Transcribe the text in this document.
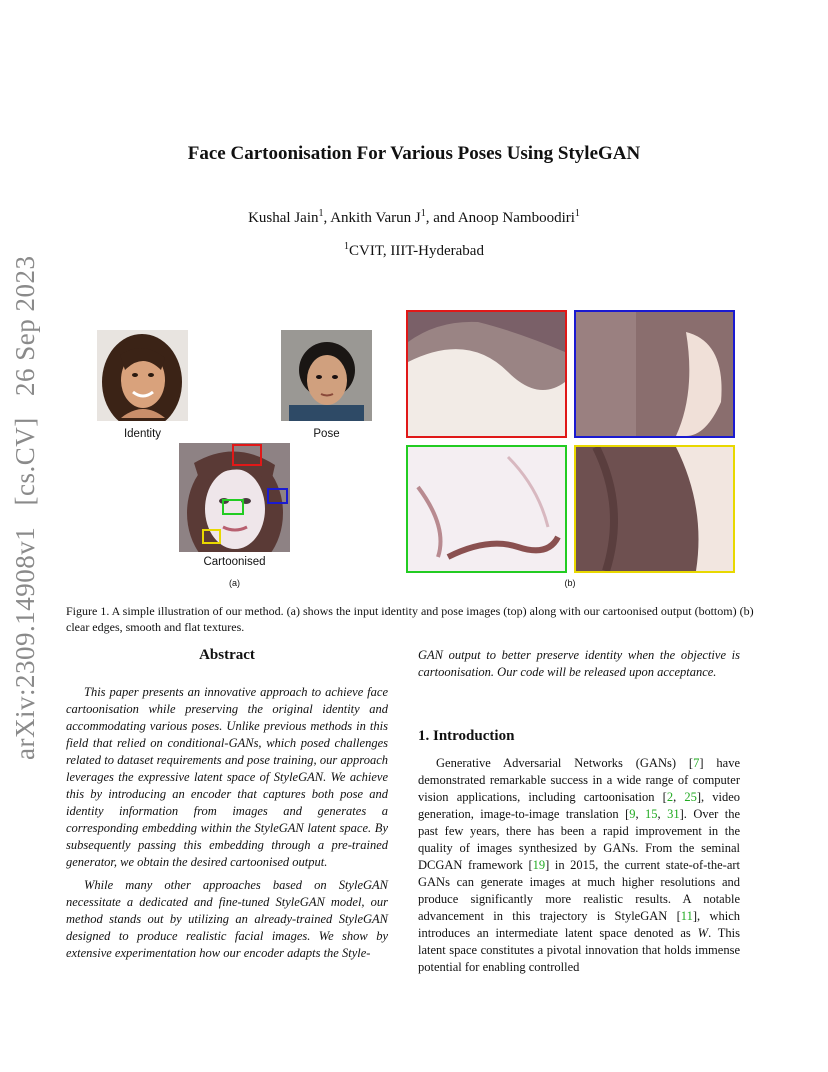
arXiv:2309.14908v1 [cs.CV] 26 Sep 2023
Face Cartoonisation For Various Poses Using StyleGAN
Kushal Jain$^1$, Ankith Varun $J^1$, and Anoop Namboodiri$^1$
$^1$CVIT, IIIT-Hyderabad
Identity	Pose
Cartoonised
(a)	(b)
Figure 1. A simple illustration of our method. (a) shows the input identity and pose images (top) along with our cartoonised output (bottom) (b) clear edges, smooth and flat textures.
Abstract

This paper presents an innovative approach to achieve face cartoonisation while preserving the original identity and accommodating various poses. Unlike previous methods in this field that relied on conditional-GANs, which posed challenges related to dataset requirements and pose training, our approach leverages the expressive latent space of StyleGAN. We achieve this by introducing an encoder that captures both pose and identity information from images and generates a corresponding embedding within the StyleGAN latent space. By subsequently passing this embedding through a pre-trained generator, we obtain the desired cartoonised output.

While many other approaches based on StyleGAN necessitate a dedicated and fine-tuned StyleGAN model, our method stands out by utilizing an already-trained StyleGAN designed to produce realistic facial images. We show by extensive experimentation how our encoder adapts the Style-

GAN output to better preserve identity when the objective is cartoonisation. Our code will be released upon acceptance.
1. Introduction

Generative Adversarial Networks (GANs) [7] have demonstrated remarkable success in a wide range of computer vision applications, including cartoonisation [2, 25], video generation, image-to-image translation [9, 15, 31]. Over the past few years, there has been a rapid improvement in the quality of images synthesized by GANs. From the seminal DCGAN framework [19] in 2015, the current state-of-the-art GANs can generate images at much higher resolutions and produce significantly more realistic results. A notable advancement in this trajectory is StyleGAN [11], which introduces an intermediate latent space denoted as W. This latent space constitutes a pivotal innovation that holds immense potential for enabling controlled
